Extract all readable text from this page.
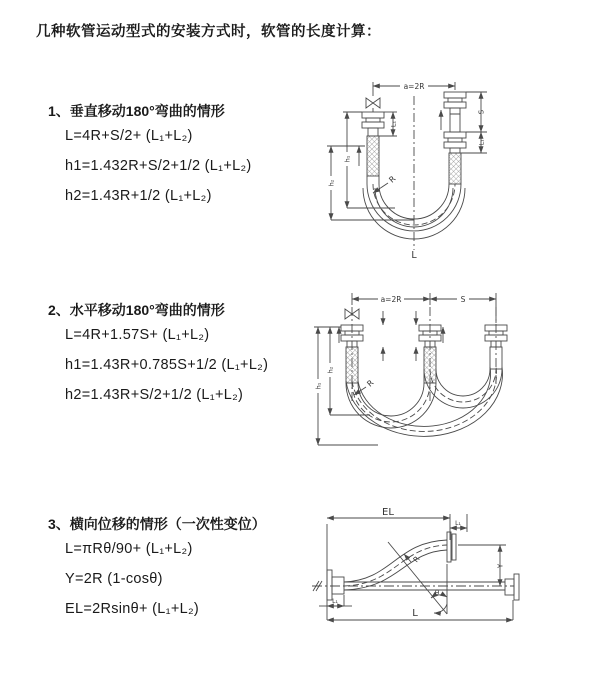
几种软管运动型式的安装方式时，软管的长度计算：

1、垂直移动180°弯曲的情形

L=4R+S/2+ (L₁+L₂)

h1=1.432R+S/2+1/2 (L₁+L₂)

h2=1.43R+1/2 (L₁+L₂)

2、水平移动180°弯曲的情形

L=4R+1.57S+ (L₁+L₂)

h1=1.43R+0.785S+1/2 (L₁+L₂)

h2=1.43R+S/2+1/2 (L₁+L₂)

3、横向位移的情形（一次性变位）

L=πRθ/90+ (L₁+L₂)

Y=2R (1-cosθ)

EL=2Rsinθ+ (L₁+L₂)

a=2R
L₁
S
L₁
h₁
h₂	R
L
a=2R	S
h₂
h₁	R
EL
L₁
Y
R
θ
L₁
L
